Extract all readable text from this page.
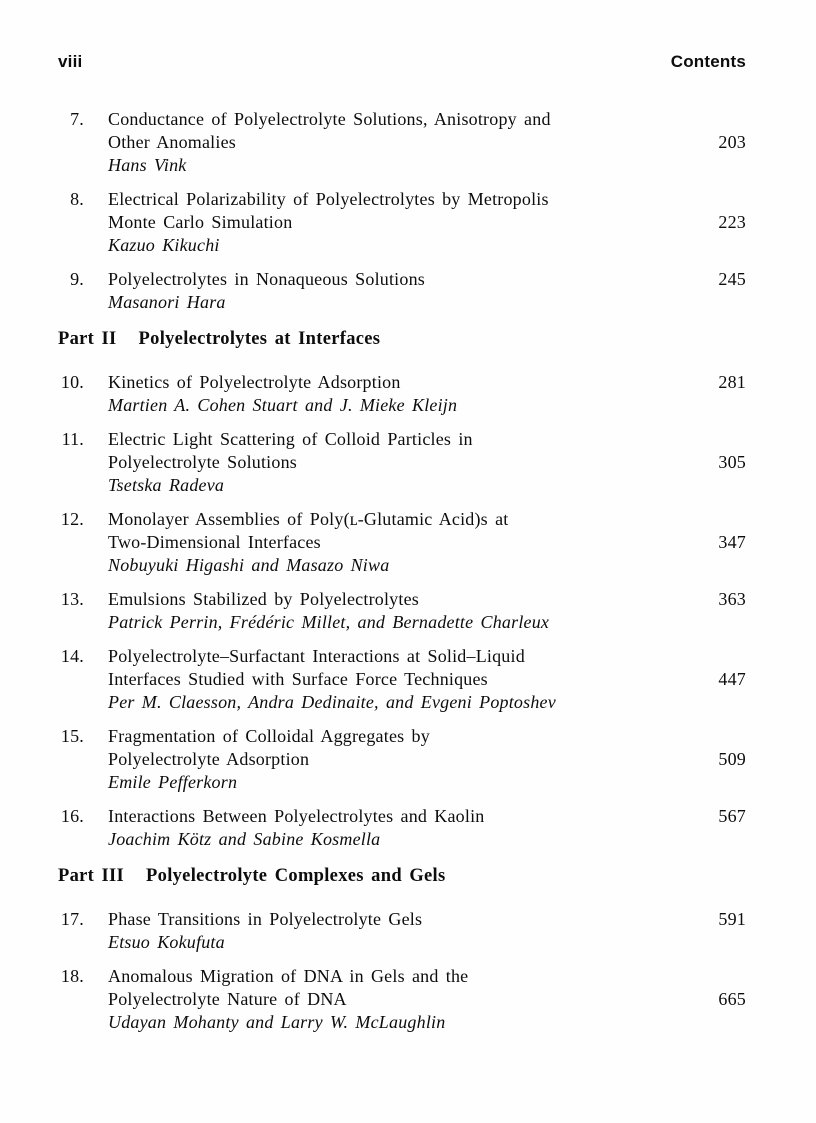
viii	Contents
7. Conductance of Polyelectrolyte Solutions, Anisotropy and
Other Anomalies	203
Hans Vink
8. Electrical Polarizability of Polyelectrolytes by Metropolis
Monte Carlo Simulation	223
Kazuo Kikuchi
9. Polyelectrolytes in Nonaqueous Solutions	245
Masanori Hara
Part II Polyelectrolytes at Interfaces
10. Kinetics of Polyelectrolyte Adsorption	281
Martien A. Cohen Stuart and J. Mieke Kleijn
11. Electric Light Scattering of Colloid Particles in
Polyelectrolyte Solutions	305
Tsetska Radeva
12. Monolayer Assemblies of Poly(ʟ-Glutamic Acid)s at
Two-Dimensional Interfaces	347
Nobuyuki Higashi and Masazo Niwa
13. Emulsions Stabilized by Polyelectrolytes	363
Patrick Perrin, Frédéric Millet, and Bernadette Charleux
14. Polyelectrolyte–Surfactant Interactions at Solid–Liquid
Interfaces Studied with Surface Force Techniques	447
Per M. Claesson, Andra Dedinaite, and Evgeni Poptoshev
15. Fragmentation of Colloidal Aggregates by
Polyelectrolyte Adsorption	509
Emile Pefferkorn
16. Interactions Between Polyelectrolytes and Kaolin	567
Joachim Kötz and Sabine Kosmella
Part III Polyelectrolyte Complexes and Gels
17. Phase Transitions in Polyelectrolyte Gels	591
Etsuo Kokufuta
18. Anomalous Migration of DNA in Gels and the
Polyelectrolyte Nature of DNA	665
Udayan Mohanty and Larry W. McLaughlin
